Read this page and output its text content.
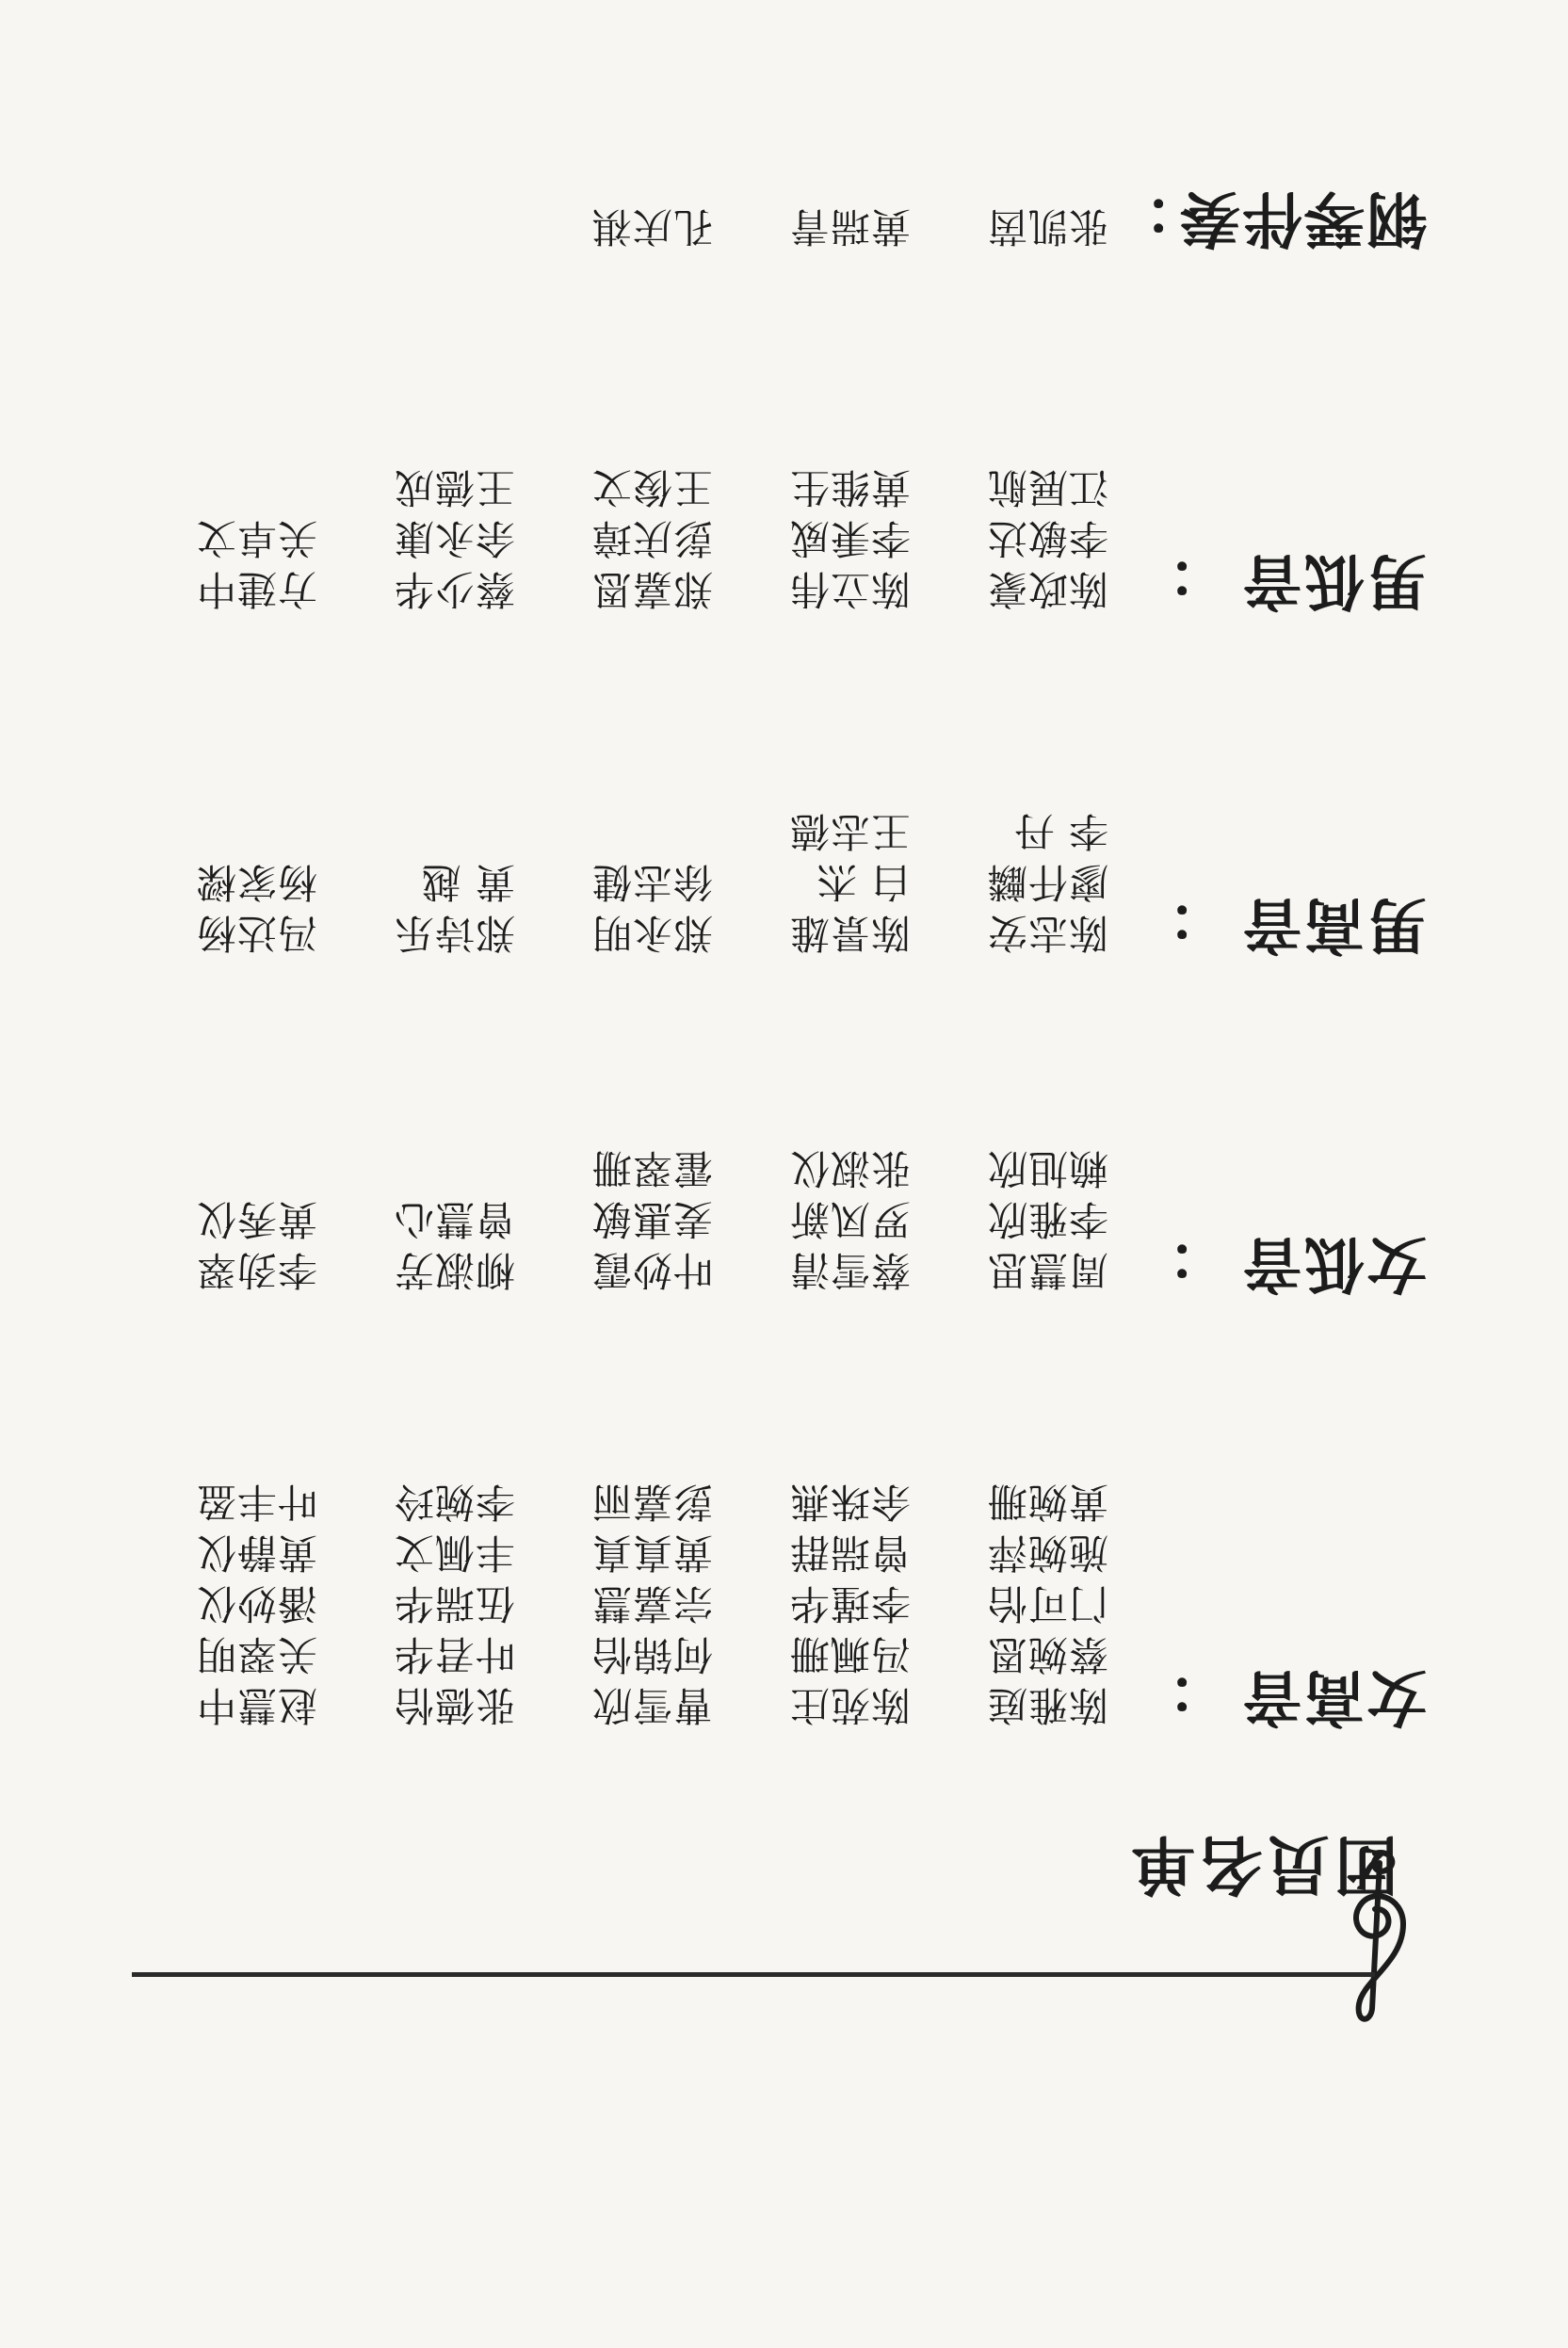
团员名单
女高音
：
陈雅庭
陈苑庄
曹雪欣
张德怡
赵慧中
蔡婉恩
冯珮珊
何锦怡
叶君华
关翠明
门可怡
李瑾华
宗嘉慧
伍瑞华
潘妙仪
施婉萍
曾瑞群
黄真真
丰佩文
黄静仪
黄婉珊
余珠燕
彭嘉丽
李婉玲
叶丰盈
女低音
：
周慧思
蔡雪清
叶妙霞
柳淑芳
李劲翠
李雅欣
罗凤新
麦惠敏
曾慧心
黄秀仪
赖旭欣
张淑仪
霍翠珊
男高音
：
陈志安
陈景雄
郑永明
郑诗乐
冯达杨
廖仟麟
白 杰
徐志健
黄 越
杨家樑
李 丹
王志德
男低音
：
陈政豪
陈立伟
郑嘉恩
蔡少华
方建中
李敏达
李秉威
彭庆璋
余永康
关卓文
江展航
黄维生
王俊文
王德成
钢琴伴奏
：
张凯茵
黄瑞青
孔庆祺
